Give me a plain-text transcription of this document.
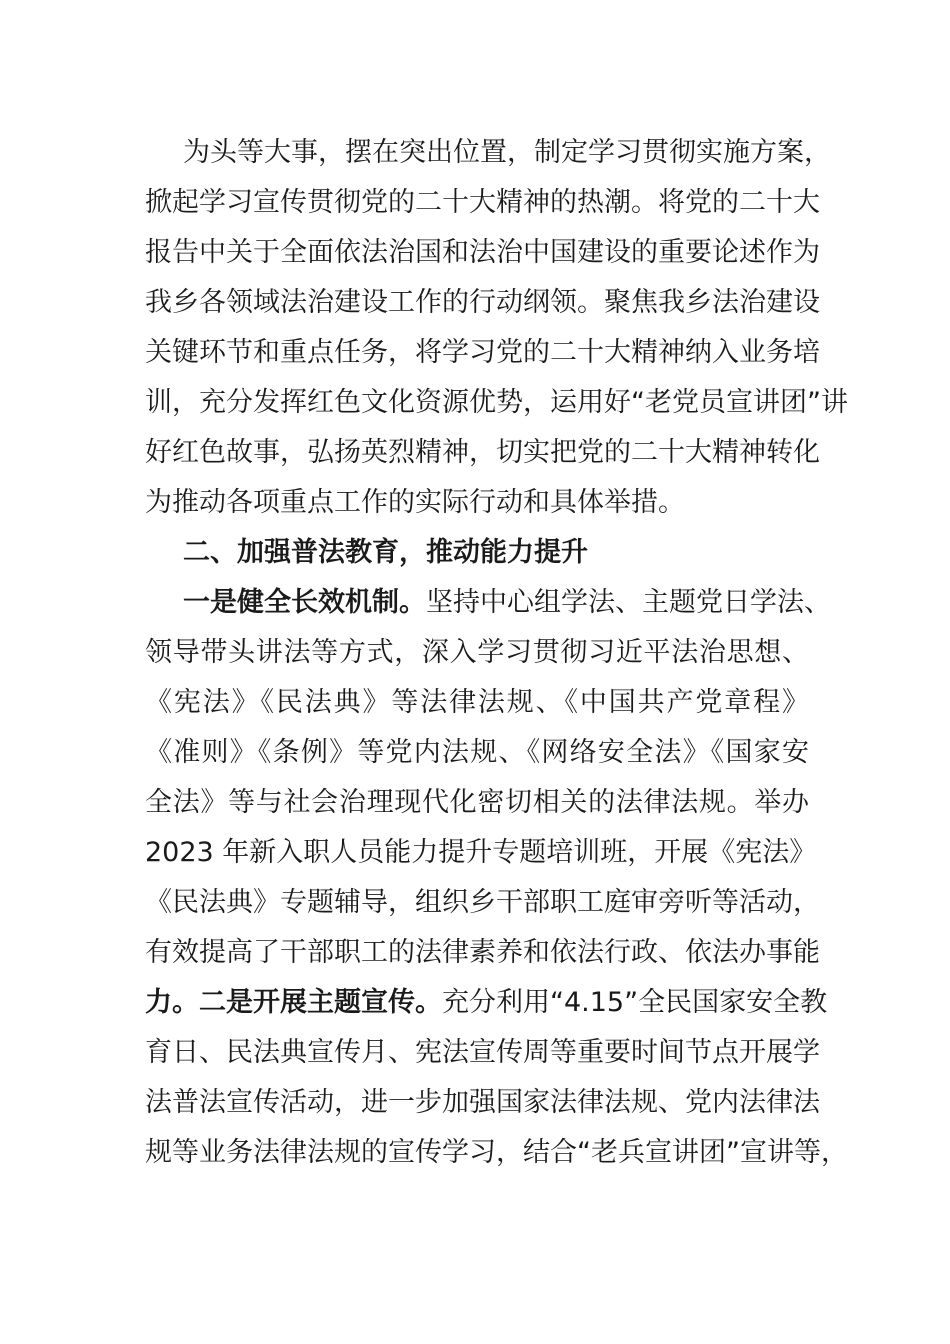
为头等大事，摆在突出位置，制定学习贯彻实施方案，
掀起学习宣传贯彻党的二十大精神的热潮。将党的二十大
报告中关于全面依法治国和法治中国建设的重要论述作为
我乡各领域法治建设工作的行动纲领。聚焦我乡法治建设
关键环节和重点任务，将学习党的二十大精神纳入业务培
训，充分发挥红色文化资源优势，运用好“老党员宣讲团”讲
好红色故事，弘扬英烈精神，切实把党的二十大精神转化
为推动各项重点工作的实际行动和具体举措。
二、加强普法教育，推动能力提升
一是健全长效机制。坚持中心组学法、主题党日学法、
领导带头讲法等方式，深入学习贯彻习近平法治思想、
《宪法》《民法典》等法律法规、《中国共产党章程》
《准则》《条例》等党内法规、《网络安全法》《国家安
全法》等与社会治理现代化密切相关的法律法规。举办
2023 年新入职人员能力提升专题培训班，开展《宪法》
《民法典》专题辅导，组织乡干部职工庭审旁听等活动，
有效提高了干部职工的法律素养和依法行政、依法办事能
力。二是开展主题宣传。充分利用“4.15”全民国家安全教
育日、民法典宣传月、宪法宣传周等重要时间节点开展学
法普法宣传活动，进一步加强国家法律法规、党内法律法
规等业务法律法规的宣传学习，结合“老兵宣讲团”宣讲等，
